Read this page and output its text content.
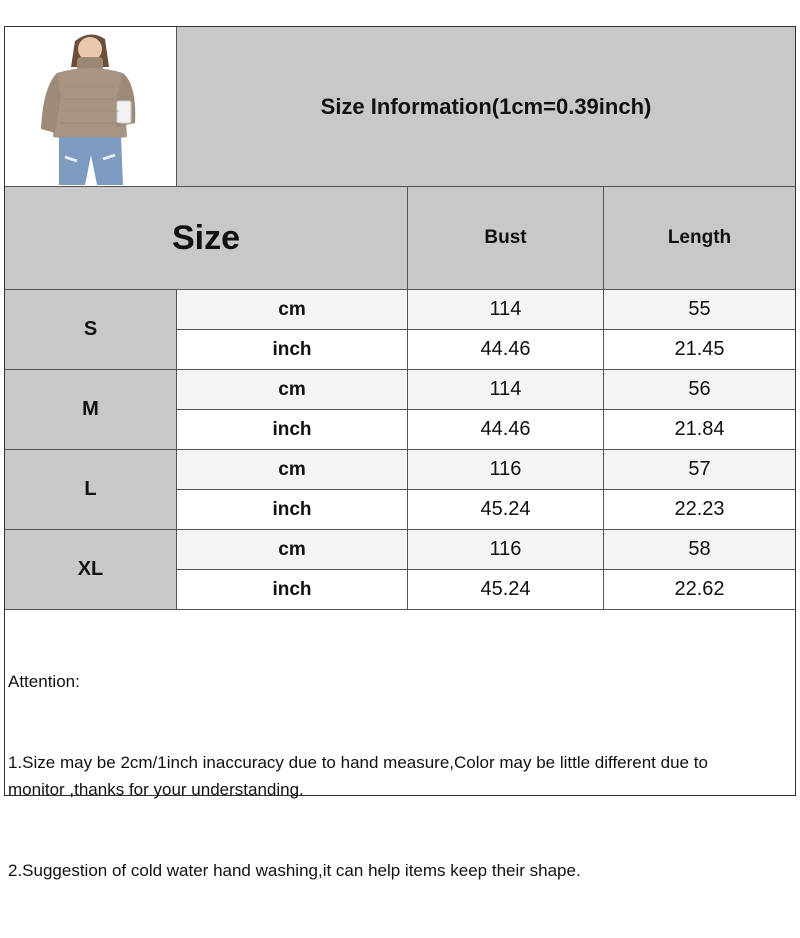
Size Information(1cm=0.39inch)
Size	Bust	Length
S
cm	114	55
inch	44.46	21.45
M
cm	114	56
inch	44.46	21.84
L
cm	116	57
inch	45.24	22.23
XL
cm	116	58
inch	45.24	22.62

Attention:

1.Size may be 2cm/1inch inaccuracy due to hand measure,Color may be little different due to monitor ,thanks for your understanding.

2.Suggestion of cold water hand washing,it can help items keep their shape.
